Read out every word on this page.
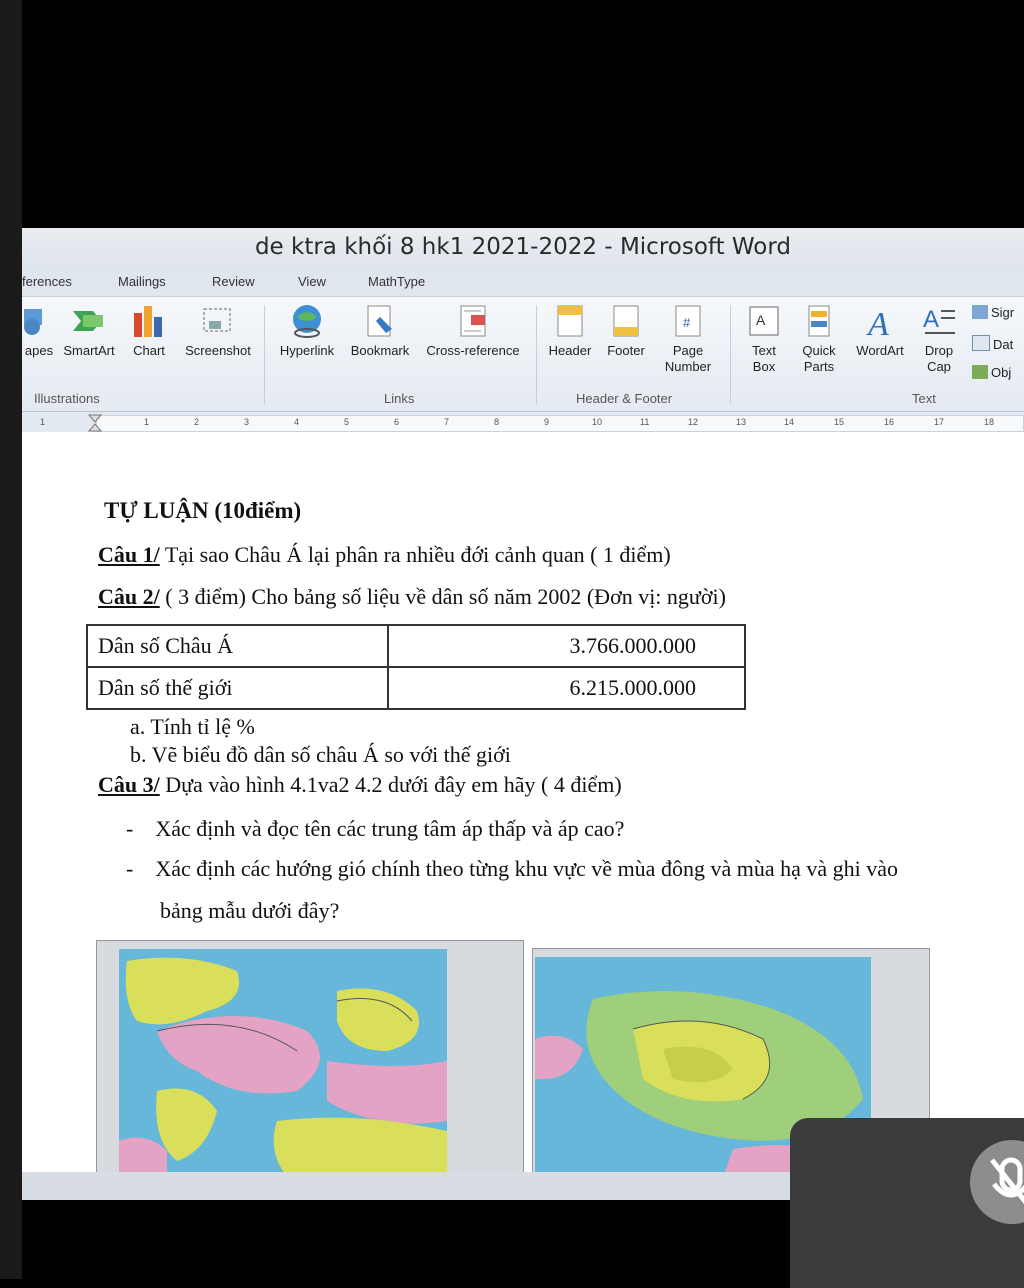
de ktra khối 8 hk1 2021-2022 - Microsoft Word
ferences	Mailings	Review	View	MathType
apes SmartArt	Chart	Screenshot	Hyperlink	Bookmark	Cross-reference	Header	Footer
#
Page
Number
A
Text
Box
Quick
Parts
A
WordArt
A
Drop
Cap
Sigr
Dat
Obj
Illustrations	Links	Header & Footer	Text
1	1	2	3	4	5	6	7	8	9	10	11	12	13	14	15	16	17	18
TỰ LUẬN (10điểm)
Câu 1/ Tại sao Châu Á lại phân ra nhiều đới cảnh quan ( 1 điểm)
Câu 2/ ( 3 điểm) Cho bảng số liệu về dân số năm 2002 (Đơn vị: người)
Dân số Châu Á	3.766.000.000
Dân số thế giới	6.215.000.000
a. Tính tỉ lệ %
b. Vẽ biểu đồ dân số châu Á so với thế giới
Câu 3/ Dựa vào hình 4.1va2 4.2 dưới đây em hãy ( 4 điểm)
-    Xác định và đọc tên các trung tâm áp thấp và áp cao?
-    Xác định các hướng gió chính theo từng khu vực về mùa đông và mùa hạ và ghi vào
bảng mẫu dưới đây?
